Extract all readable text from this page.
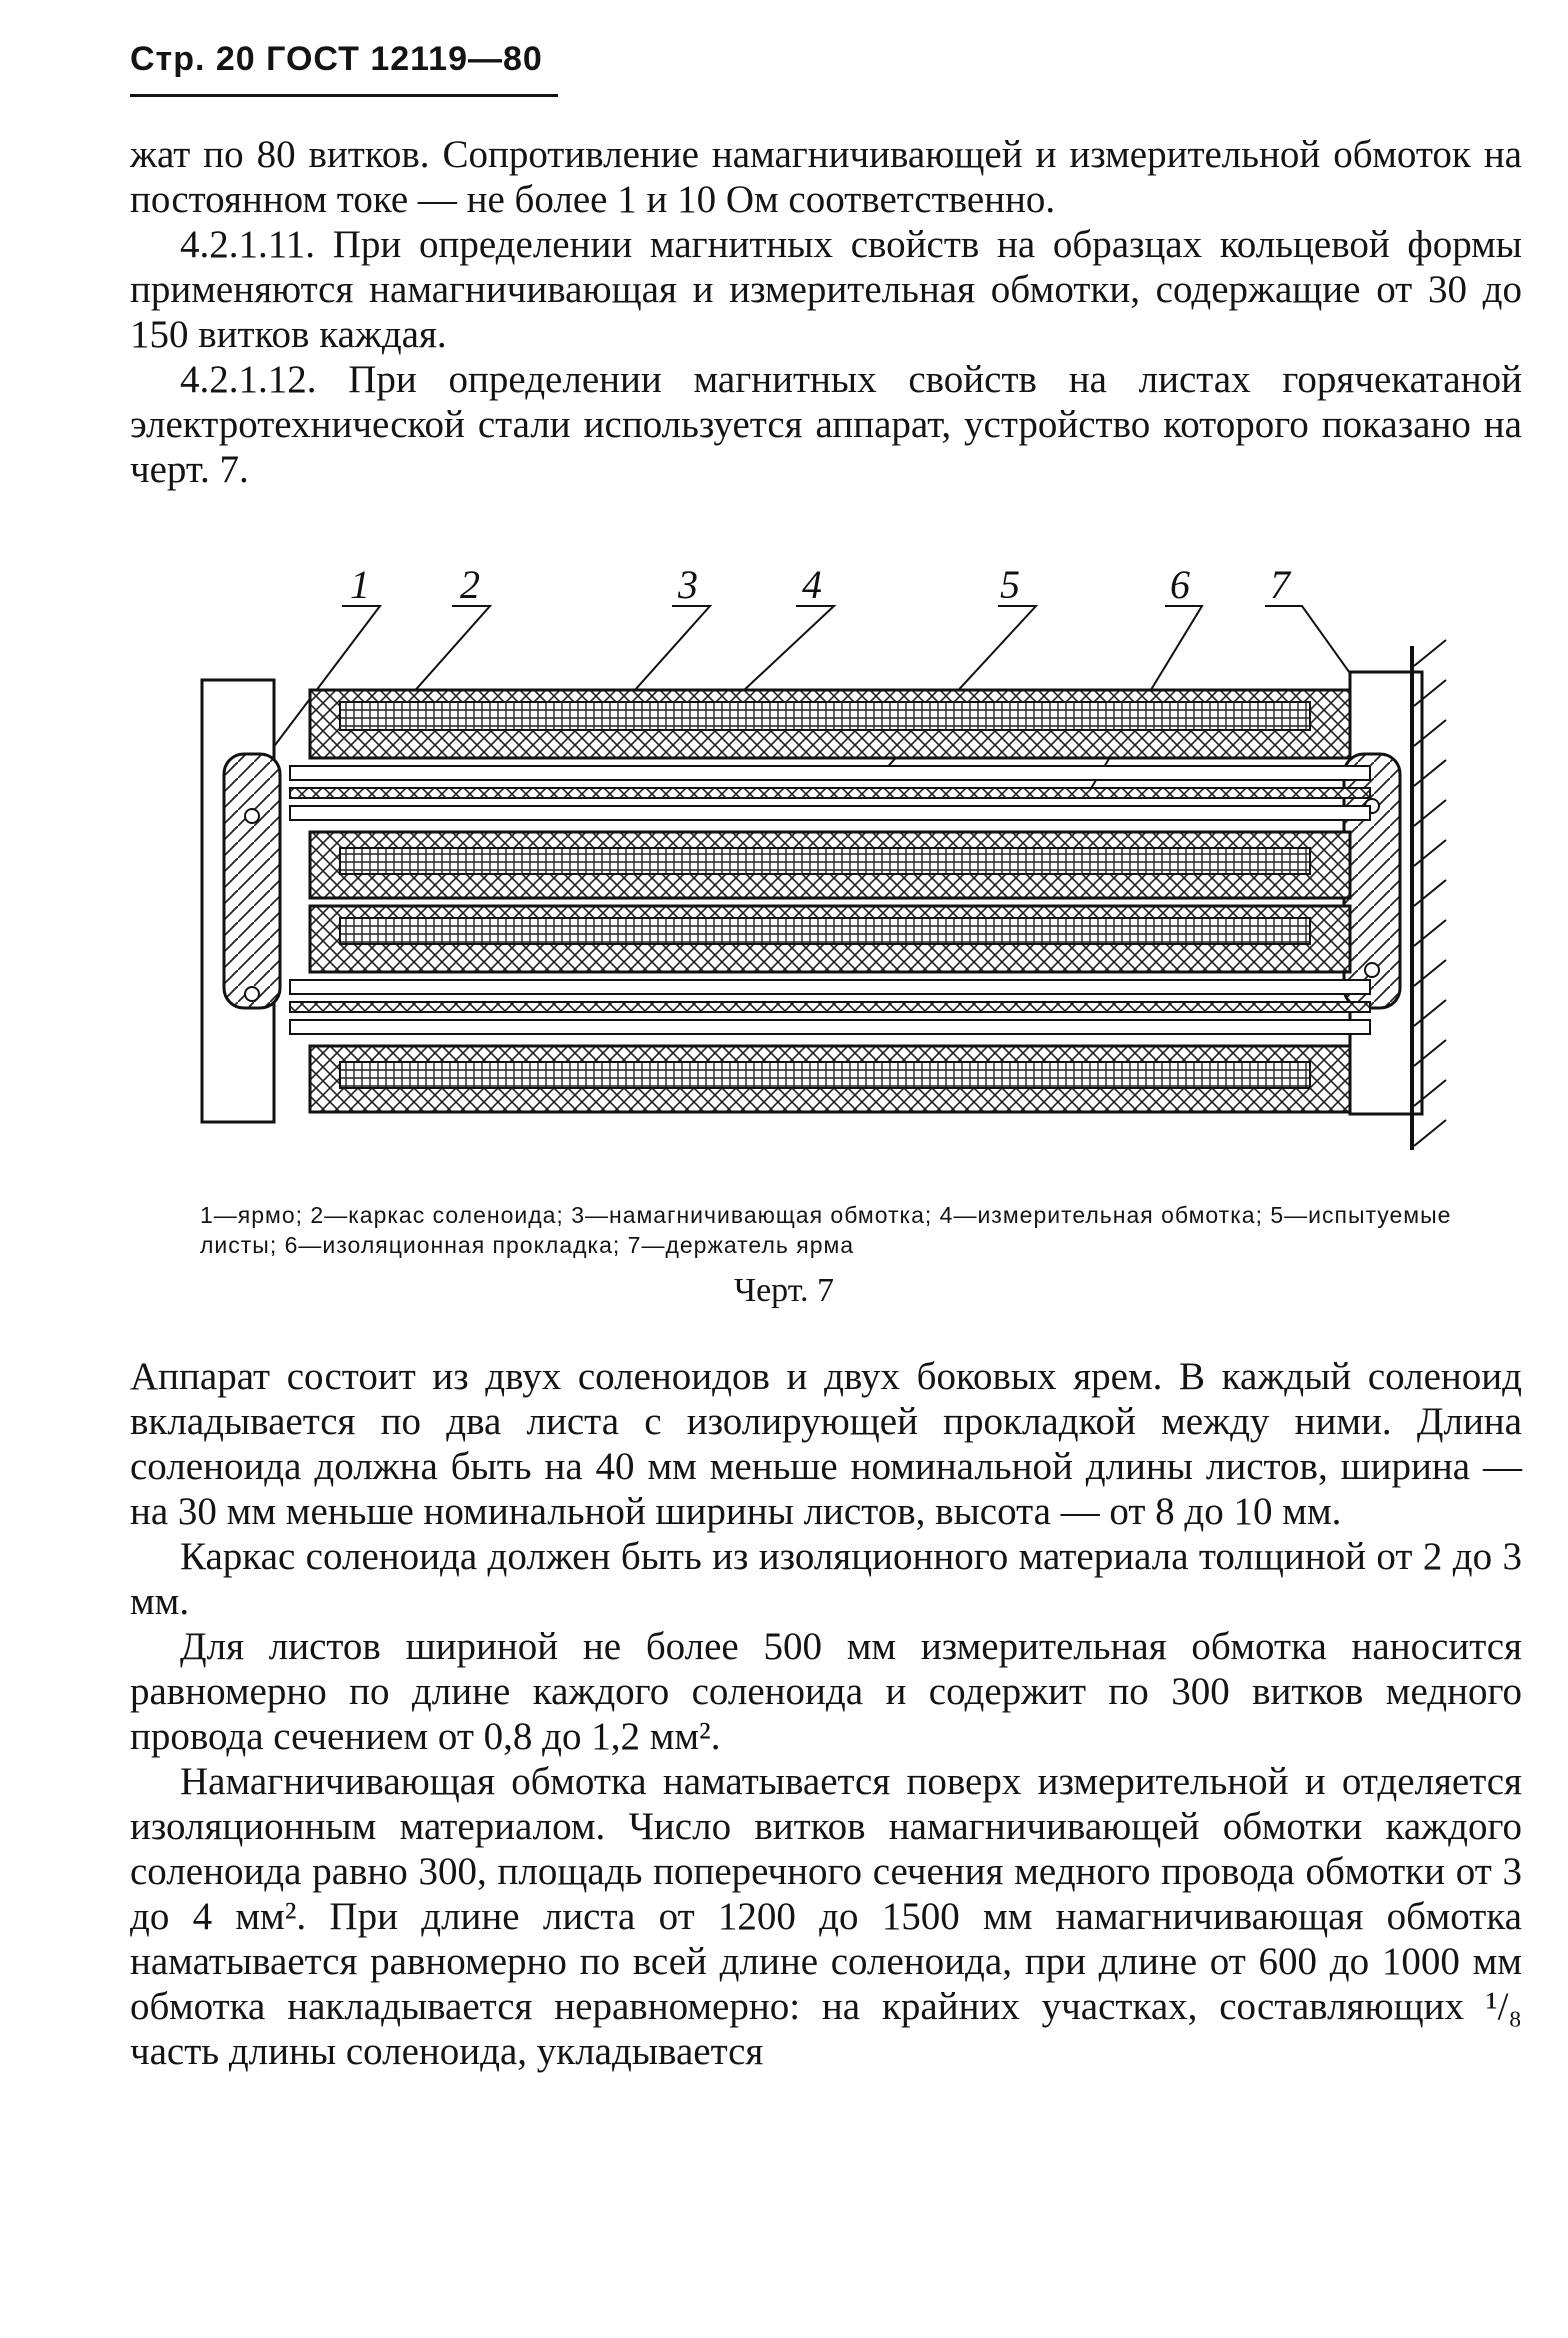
Стр. 20 ГОСТ 12119—80

жат по 80 витков. Сопротивление намагничивающей и измерительной обмоток на постоянном токе — не более 1 и 10 Ом соответственно.

4.2.1.11. При определении магнитных свойств на образцах кольцевой формы применяются намагничивающая и измерительная обмотки, содержащие от 30 до 150 витков каждая.

4.2.1.12. При определении магнитных свойств на листах горячекатаной электротехнической стали используется аппарат, устройство которого показано на черт. 7.

1 2	3	4	5	6 7
1—ярмо; 2—каркас соленоида; 3—намагничивающая обмотка; 4—измерительная обмотка; 5—испытуемые листы; 6—изоляционная прокладка; 7—держатель ярма
Черт. 7

Аппарат состоит из двух соленоидов и двух боковых ярем. В каждый соленоид вкладывается по два листа с изолирующей прокладкой между ними. Длина соленоида должна быть на 40 мм меньше номинальной длины листов, ширина — на 30 мм меньше номинальной ширины листов, высота — от 8 до 10 мм.

Каркас соленоида должен быть из изоляционного материала толщиной от 2 до 3 мм.

Для листов шириной не более 500 мм измерительная обмотка наносится равномерно по длине каждого соленоида и содержит по 300 витков медного провода сечением от 0,8 до 1,2 мм².

Намагничивающая обмотка наматывается поверх измерительной и отделяется изоляционным материалом. Число витков намагничивающей обмотки каждого соленоида равно 300, площадь поперечного сечения медного провода обмотки от 3 до 4 мм². При длине листа от 1200 до 1500 мм намагничивающая обмотка наматывается равномерно по всей длине соленоида, при длине от 600 до 1000 мм обмотка накладывается неравномерно: на крайних участках, составляющих ¹/₈ часть длины соленоида, укладывается
